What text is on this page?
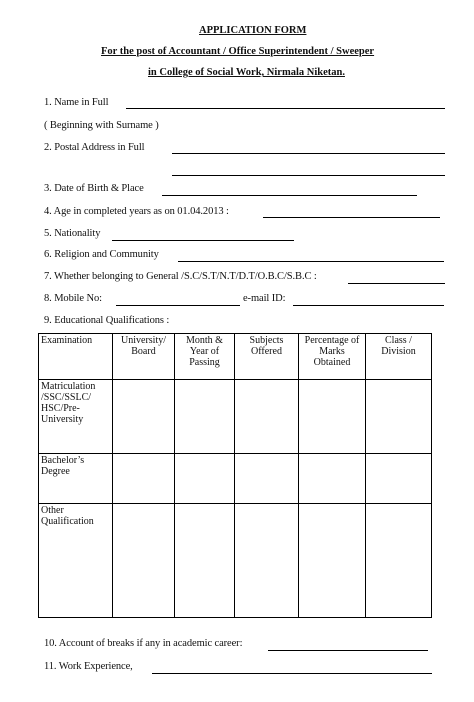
APPLICATION FORM
For the post of Accountant / Office Superintendent / Sweeper
in College of Social Work, Nirmala Niketan.
1. Name in Full
( Beginning with Surname )
2. Postal Address in Full
3. Date of Birth & Place
4. Age in completed years as on 01.04.2013 :
5. Nationality
6. Religion and Community
7. Whether belonging to General /S.C/S.T/N.T/D.T/O.B.C/S.B.C :
8. Mobile No:	e-mail ID:
9. Educational Qualifications :
Examination	University/ Board	Month & Year of Passing	Subjects Offered	Percentage of Marks Obtained	Class / Division
Matriculation /SSC/SSLC/ HSC/Pre-University					
Bachelor’s Degree					
Other Qualification					
10. Account of breaks if any in academic career:
11. Work Experience,
